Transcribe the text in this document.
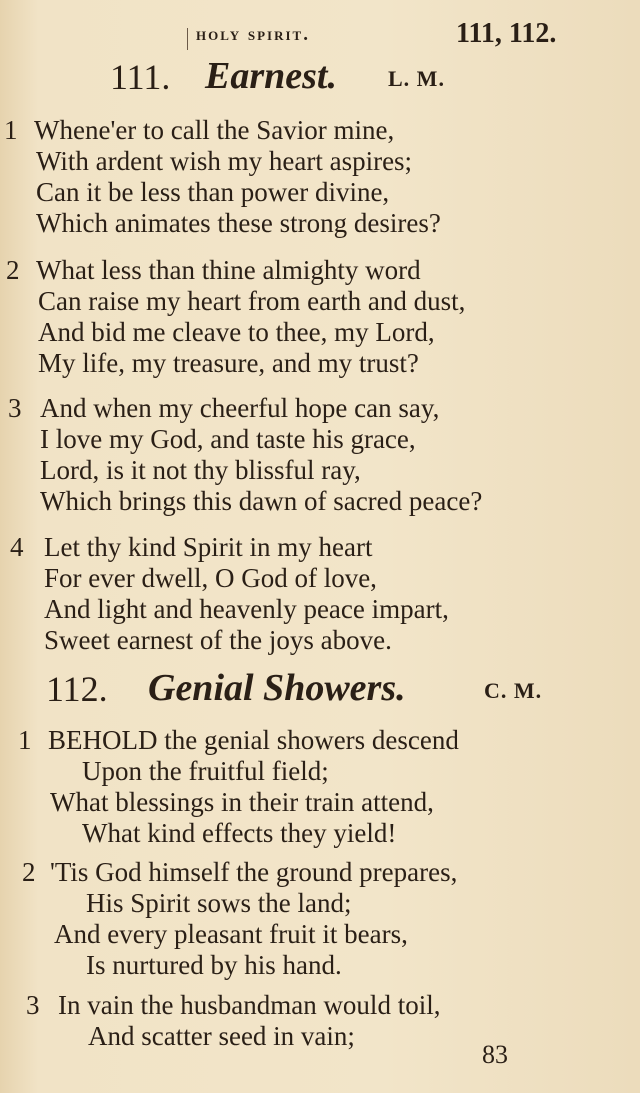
holy spirit.	111, 112.
111. Earnest. L. M.
1 Whene'er to call the Savior mine,
With ardent wish my heart aspires;
Can it be less than power divine,
Which animates these strong desires?
2 What less than thine almighty word
Can raise my heart from earth and dust,
And bid me cleave to thee, my Lord,
My life, my treasure, and my trust?
3 And when my cheerful hope can say,
I love my God, and taste his grace,
Lord, is it not thy blissful ray,
Which brings this dawn of sacred peace?
4 Let thy kind Spirit in my heart
For ever dwell, O God of love,
And light and heavenly peace impart,
Sweet earnest of the joys above.
112. Genial Showers.	C. M.
1 BEHOLD the genial showers descend
Upon the fruitful field;
What blessings in their train attend,
What kind effects they yield!
2 'Tis God himself the ground prepares,
His Spirit sows the land;
And every pleasant fruit it bears,
Is nurtured by his hand.
3 In vain the husbandman would toil,
And scatter seed in vain;
83
